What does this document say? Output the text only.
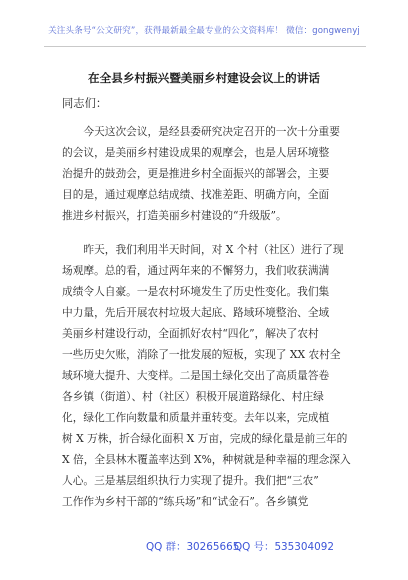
关注头条号“公文研究”，获得最新最全最专业的公文资料库！ 微信：gongwenyj
在全县乡村振兴暨美丽乡村建设会议上的讲话
同志们：
　　今天这次会议，是经县委研究决定召开的一次十分重要
的会议，是美丽乡村建设成果的观摩会，也是人居环境整
治提升的鼓劲会，更是推进乡村全面振兴的部署会，主要
目的是，通过观摩总结成绩、找准差距、明确方向，全面
推进乡村振兴，打造美丽乡村建设的“升级版”。
　　昨天，我们利用半天时间，对 X 个村（社区）进行了现
场观摩。总的看，通过两年来的不懈努力，我们收获满满
成绩令人自豪。一是农村环境发生了历史性变化。我们集
中力量，先后开展农村垃圾大起底、路域环境整治、全域
美丽乡村建设行动，全面抓好农村“四化”，解决了农村
一些历史欠账，消除了一批发展的短板，实现了 XX 农村全
域环境大提升、大变样。二是国土绿化交出了高质量答卷
各乡镇（街道）、村（社区）积极开展道路绿化、村庄绿
化，绿化工作向数量和质量并重转变。去年以来，完成植
树 X 万株，折合绿化面积 X 万亩，完成的绿化量是前三年的
X 倍，全县林木覆盖率达到 X%，种树就是种幸福的理念深入
人心。三是基层组织执行力实现了提升。我们把“三农”
工作作为乡村干部的“练兵场”和“试金石”。各乡镇党
QQ 群：30265665
QQ 号：535304092
